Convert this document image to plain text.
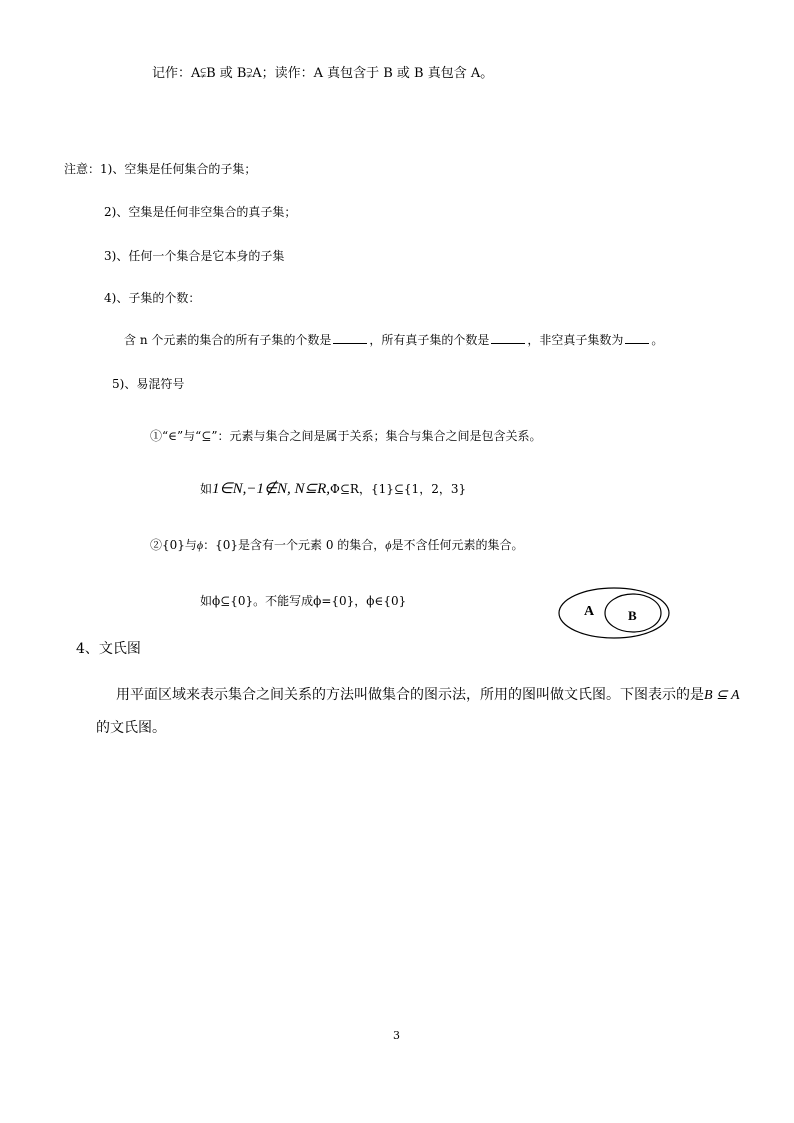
记作：A⫋B 或 B⫌A；读作：A 真包含于 B 或 B 真包含 A。
注意：1)、空集是任何集合的子集；
2)、空集是任何非空集合的真子集；
3)、任何一个集合是它本身的子集
4)、子集的个数：
含 n 个元素的集合的所有子集的个数是	，所有真子集的个数是	，非空真子集数为 。
5)、易混符号
①“∈”与“⊆”：元素与集合之间是属于关系；集合与集合之间是包含关系。
如1∈N,−1∉N, N⊆R,Φ⊆R，{1}⊆{1，2，3}
②{0}与ϕ：{0}是含有一个元素 0 的集合，ϕ是不含任何元素的集合。
如ϕ⊆{0}。不能写成ϕ={0}，ϕ∈{0}
A	B
4、文氏图
用平面区域来表示集合之间关系的方法叫做集合的图示法，所用的图叫做文氏图。下图表示的是B ⊆ A
的文氏图。
3
